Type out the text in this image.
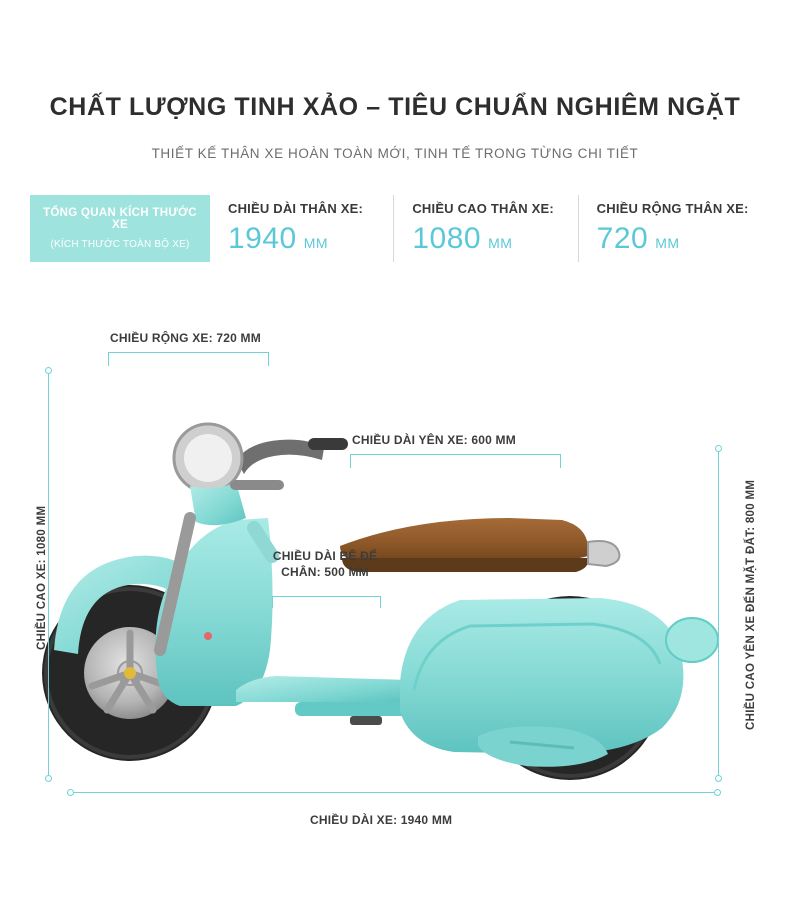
CHẤT LƯỢNG TINH XẢO – TIÊU CHUẨN NGHIÊM NGẶT
THIẾT KẾ THÂN XE HOÀN TOÀN MỚI, TINH TẾ TRONG TỪNG CHI TIẾT
TỔNG QUAN KÍCH THƯỚC XE
(KÍCH THƯỚC TOÀN BỘ XE)
CHIỀU DÀI THÂN XE:
1940 MM
CHIỀU CAO THÂN XE:
1080 MM
CHIỀU RỘNG THÂN XE:
720 MM
CHIỀU RỘNG XE: 720 MM
CHIỀU DÀI YÊN XE: 600 MM
CHIỀU DÀI BỆ ĐỂ
CHÂN: 500 MM
CHIỀU CAO XE: 1080 MM	CHIỀU CAO YÊN XE ĐẾN MẶT ĐẤT: 800 MM
CHIỀU DÀI XE: 1940 MM
